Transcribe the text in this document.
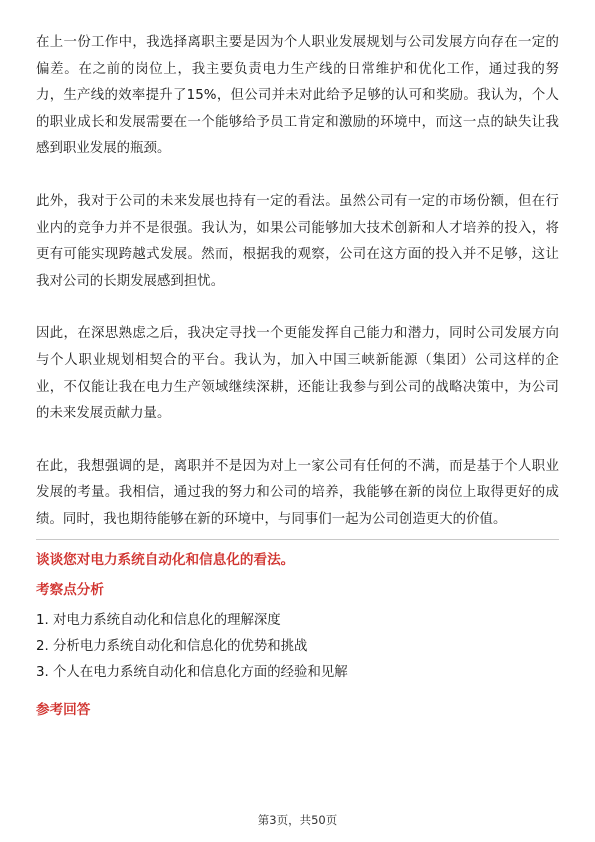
在上一份工作中，我选择离职主要是因为个人职业发展规划与公司发展方向存在一定的偏差。在之前的岗位上，我主要负责电力生产线的日常维护和优化工作，通过我的努力，生产线的效率提升了15%，但公司并未对此给予足够的认可和奖励。我认为，个人的职业成长和发展需要在一个能够给予员工肯定和激励的环境中，而这一点的缺失让我感到职业发展的瓶颈。

此外，我对于公司的未来发展也持有一定的看法。虽然公司有一定的市场份额，但在行业内的竞争力并不是很强。我认为，如果公司能够加大技术创新和人才培养的投入，将更有可能实现跨越式发展。然而，根据我的观察，公司在这方面的投入并不足够，这让我对公司的长期发展感到担忧。

因此，在深思熟虑之后，我决定寻找一个更能发挥自己能力和潜力，同时公司发展方向与个人职业规划相契合的平台。我认为，加入中国三峡新能源（集团）公司这样的企业，不仅能让我在电力生产领域继续深耕，还能让我参与到公司的战略决策中，为公司的未来发展贡献力量。

在此，我想强调的是，离职并不是因为对上一家公司有任何的不满，而是基于个人职业发展的考量。我相信，通过我的努力和公司的培养，我能够在新的岗位上取得更好的成绩。同时，我也期待能够在新的环境中，与同事们一起为公司创造更大的价值。

谈谈您对电力系统自动化和信息化的看法。
考察点分析
1. 对电力系统自动化和信息化的理解深度
2. 分析电力系统自动化和信息化的优势和挑战
3. 个人在电力系统自动化和信息化方面的经验和见解
参考回答
第3页，共50页
